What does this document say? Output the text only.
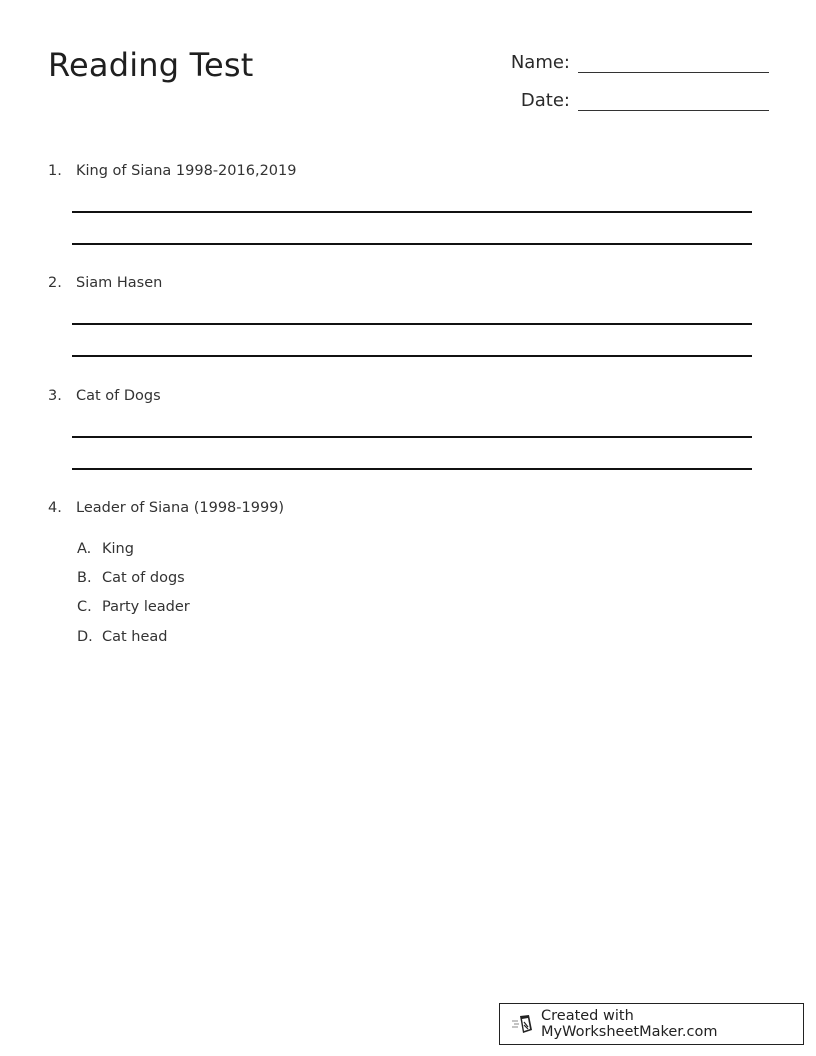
Reading Test	Name:
Date:
1. King of Siana 1998-2016,2019
2. Siam Hasen
3. Cat of Dogs
4. Leader of Siana (1998-1999)
A. King
B. Cat of dogs
C. Party leader
D. Cat head
Created with MyWorksheetMaker.com
